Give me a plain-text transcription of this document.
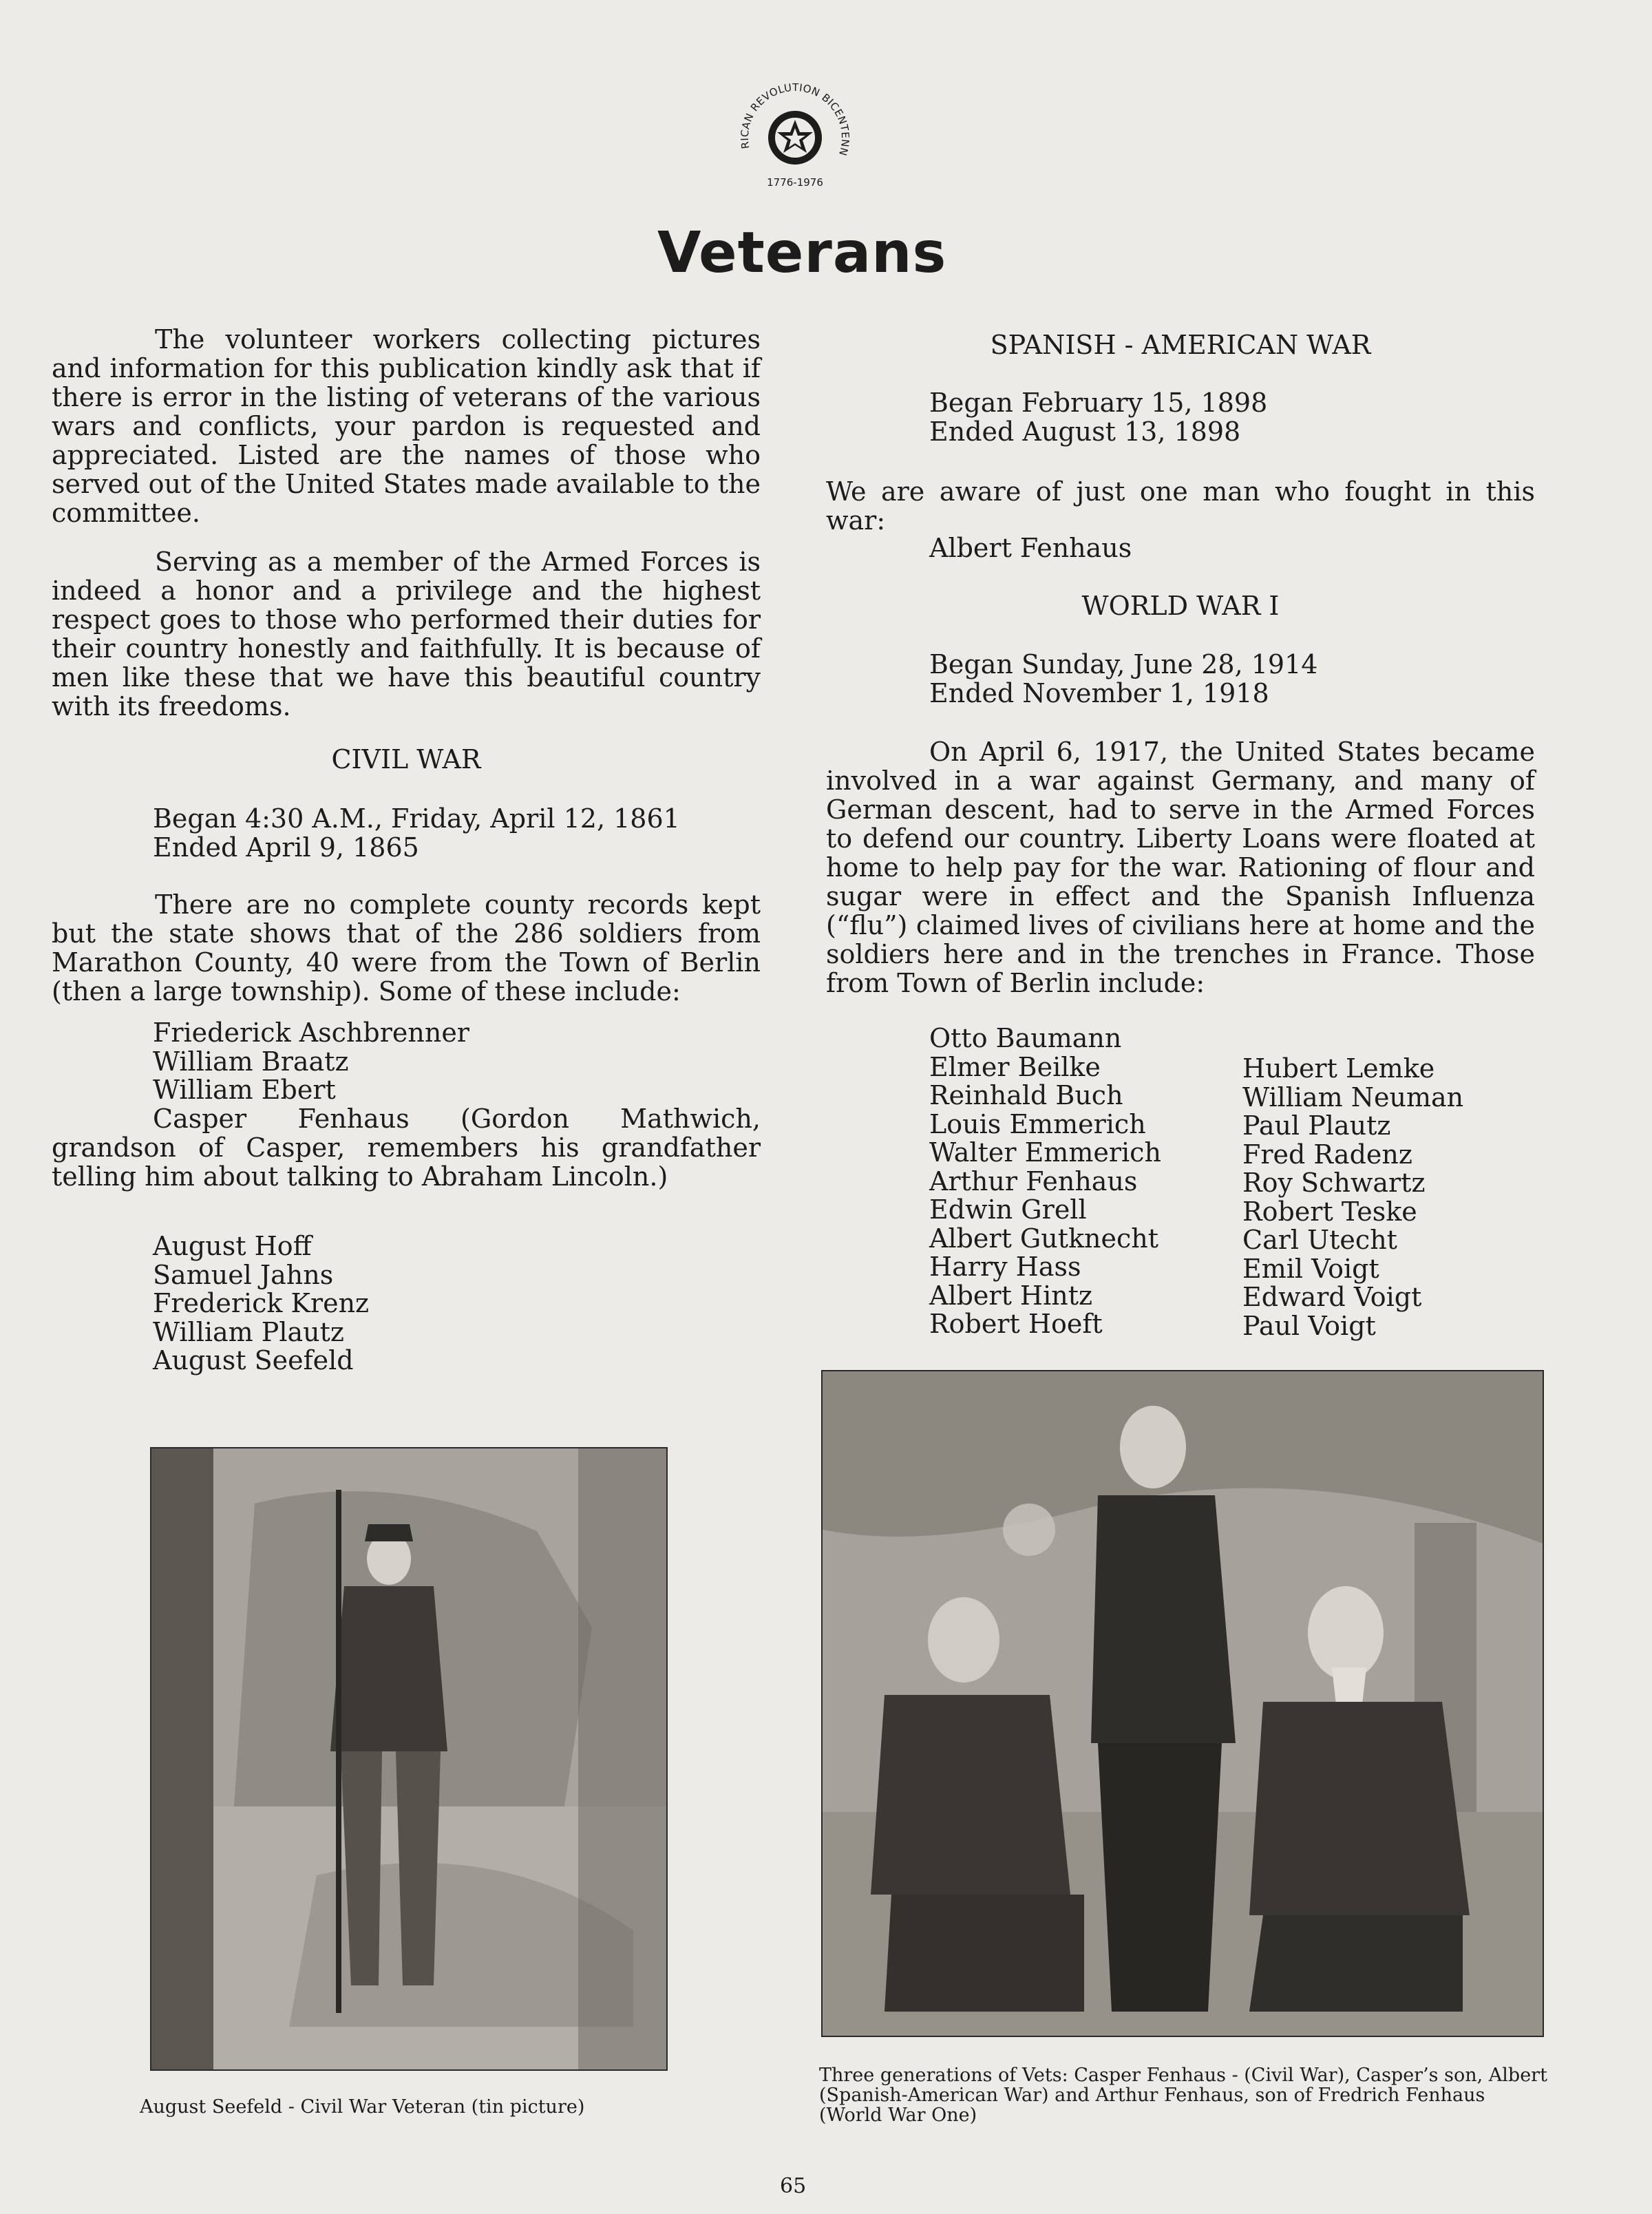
RICAN REVOLUTION BICENTENN
1776-1976
Veterans

The volunteer workers collecting pictures and information for this publication kindly ask that if there is error in the listing of veterans of the various wars and conflicts, your pardon is requested and appreciated. Listed are the names of those who served out of the United States made available to the committee.

Serving as a member of the Armed Forces is indeed a honor and a privilege and the highest respect goes to those who performed their duties for their country honestly and faithfully. It is because of men like these that we have this beautiful country with its freedoms.

CIVIL WAR
Began 4:30 A.M., Friday, April 12, 1861
Ended April 9, 1865

There are no complete county records kept but the state shows that of the 286 soldiers from Marathon County, 40 were from the Town of Berlin (then a large township). Some of these include:

Friederick Aschbrenner
William Braatz
William Ebert

Casper Fenhaus (Gordon Mathwich, grandson of Casper, remembers his grandfather telling him about talking to Abraham Lincoln.)

August Hoff
Samuel Jahns
Frederick Krenz
William Plautz
August Seefeld
August Seefeld - Civil War Veteran (tin picture)
SPANISH - AMERICAN WAR
Began February 15, 1898
Ended August 13, 1898

We are aware of just one man who fought in this war:

Albert Fenhaus
WORLD WAR I
Began Sunday, June 28, 1914
Ended November 1, 1918

On April 6, 1917, the United States became involved in a war against Germany, and many of German descent, had to serve in the Armed Forces to defend our country. Liberty Loans were floated at home to help pay for the war. Rationing of flour and sugar were in effect and the Spanish Influenza (“flu”) claimed lives of civilians here at home and the soldiers here and in the trenches in France. Those from Town of Berlin include:

Otto Baumann
Elmer Beilke
Reinhald Buch
Louis Emmerich
Walter Emmerich
Arthur Fenhaus
Edwin Grell
Albert Gutknecht
Harry Hass
Albert Hintz
Robert Hoeft
Hubert Lemke
William Neuman
Paul Plautz
Fred Radenz
Roy Schwartz
Robert Teske
Carl Utecht
Emil Voigt
Edward Voigt
Paul Voigt
Three generations of Vets: Casper Fenhaus - (Civil War), Casper’s son, Albert (Spanish-American War) and Arthur Fenhaus, son of Fredrich Fenhaus (World War One)
65
